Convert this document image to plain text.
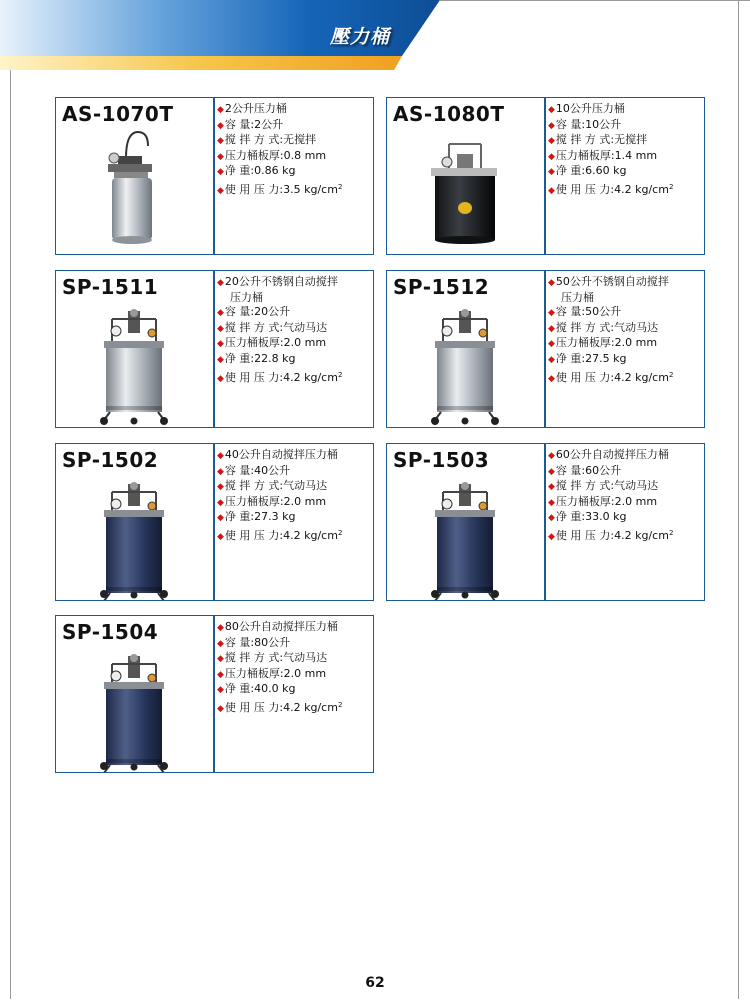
壓力桶
AS-1070T	◆2公升压力桶
◆容 量:2公升
◆搅 拌 方 式:无搅拌
◆压力桶板厚:0.8 mm
◆净 重:0.86 kg
◆使 用 压 力:3.5 $kg/cm^2$
AS-1080T	◆10公升压力桶
◆容 量:10公升
◆搅 拌 方 式:无搅拌
◆压力桶板厚:1.4 mm
◆净 重:6.60 kg
◆使 用 压 力:4.2 $kg/cm^2$
SP-1511	◆20公升不锈钢自动搅拌
压力桶
◆容 量:20公升
◆搅 拌 方 式:气动马达
◆压力桶板厚:2.0 mm
◆净 重:22.8 kg
◆使 用 压 力:4.2 $kg/cm^2$
SP-1512	◆50公升不锈钢自动搅拌
压力桶
◆容 量:50公升
◆搅 拌 方 式:气动马达
◆压力桶板厚:2.0 mm
◆净 重:27.5 kg
◆使 用 压 力:4.2 $kg/cm^2$
SP-1502	◆40公升自动搅拌压力桶
◆容 量:40公升
◆搅 拌 方 式:气动马达
◆压力桶板厚:2.0 mm
◆净 重:27.3 kg
◆使 用 压 力:4.2 $kg/cm^2$
SP-1503	◆60公升自动搅拌压力桶
◆容 量:60公升
◆搅 拌 方 式:气动马达
◆压力桶板厚:2.0 mm
◆净 重:33.0 kg
◆使 用 压 力:4.2 $kg/cm^2$
SP-1504	◆80公升自动搅拌压力桶
◆容 量:80公升
◆搅 拌 方 式:气动马达
◆压力桶板厚:2.0 mm
◆净 重:40.0 kg
◆使 用 压 力:4.2 $kg/cm^2$
62
